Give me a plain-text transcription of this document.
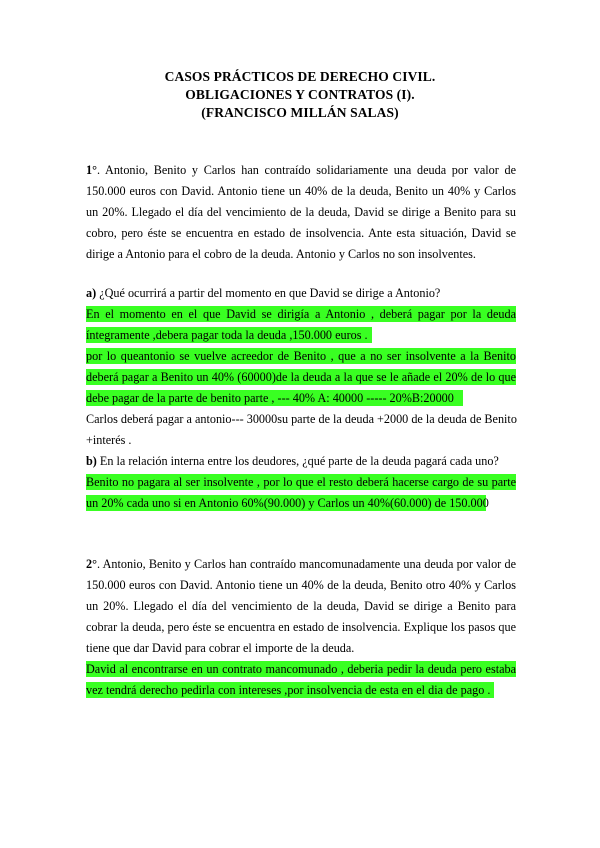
CASOS PRÁCTICOS DE DERECHO CIVIL.
OBLIGACIONES Y CONTRATOS (I).
(FRANCISCO MILLÁN SALAS)
1°. Antonio, Benito y Carlos han contraído solidariamente una deuda por valor de
150.000 euros con David. Antonio tiene un 40% de la deuda, Benito un 40% y Carlos
un 20%. Llegado el día del vencimiento de la deuda, David se dirige a Benito para su
cobro, pero éste se encuentra en estado de insolvencia. Ante esta situación, David se
dirige a Antonio para el cobro de la deuda. Antonio y Carlos no son insolventes.
a) ¿Qué ocurrirá a partir del momento en que David se dirige a Antonio?
En el momento en el que David se dirigía a Antonio , deberá pagar por la deuda
íntegramente ,debera pagar toda la deuda ,150.000 euros .
por lo queantonio se vuelve acreedor de Benito , que a no ser insolvente a la Benito
deberá pagar a Benito un 40% (60000)de la deuda a la que se le añade el 20% de lo que
debe pagar de la parte de benito parte , --- 40% A: 40000 ----- 20%B:20000
Carlos deberá pagar a antonio--- 30000su parte de la deuda +2000 de la deuda de Benito
+interés .
b) En la relación interna entre los deudores, ¿qué parte de la deuda pagará cada uno?
Benito no pagara al ser insolvente , por lo que el resto deberá hacerse cargo de su parte
un 20% cada uno si en Antonio 60%(90.000) y Carlos un 40%(60.000) de 150.000
2°. Antonio, Benito y Carlos han contraído mancomunadamente una deuda por valor de
150.000 euros con David. Antonio tiene un 40% de la deuda, Benito otro 40% y Carlos
un 20%. Llegado el día del vencimiento de la deuda, David se dirige a Benito para
cobrar la deuda, pero éste se encuentra en estado de insolvencia. Explique los pasos que
tiene que dar David para cobrar el importe de la deuda.
David al encontrarse en un contrato mancomunado , deberia pedir la deuda pero estaba
vez tendrá derecho pedirla con intereses ,por insolvencia de esta en el dia de pago .
